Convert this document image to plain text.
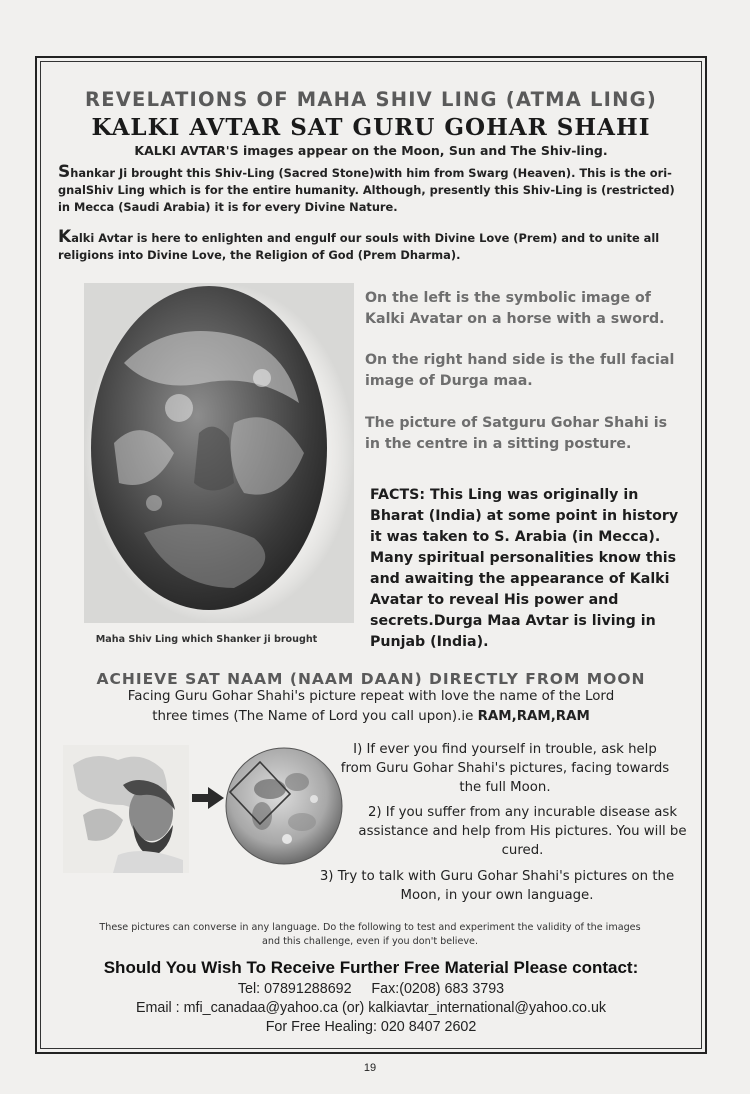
REVELATIONS OF MAHA SHIV LING (ATMA LING)
KALKI AVTAR SAT GURU GOHAR SHAHI
KALKI AVTAR'S images appear on the Moon, Sun and The Shiv-ling.
Shankar Ji brought this Shiv-Ling (Sacred Stone)with him from Swarg (Heaven). This is the ori-gnalShiv Ling which is for the entire humanity. Although, presently this Shiv-Ling is (restricted) in Mecca (Saudi Arabia) it is for every Divine Nature.
Kalki Avtar is here to enlighten and engulf our souls with Divine Love (Prem) and to unite all religions into Divine Love, the Religion of God (Prem Dharma).
Maha Shiv Ling which Shanker ji brought
On the left is the symbolic image of Kalki Avatar on a horse with a sword.
On the right hand side is the full facial image of Durga maa.
The picture of Satguru Gohar Shahi is in the centre in a sitting posture.
FACTS: This Ling was originally in Bharat (India) at some point in history it was taken to S. Arabia (in Mecca). Many spiritual personalities know this and awaiting the appearance of Kalki Avatar to reveal His power and secrets.Durga Maa Avtar is living in Punjab (India).
ACHIEVE SAT NAAM (NAAM DAAN) DIRECTLY FROM MOON
Facing Guru Gohar Shahi's picture repeat with love the name of the Lord
three times (The Name of Lord you call upon).ie RAM,RAM,RAM
I) If ever you find yourself in trouble, ask help from Guru Gohar Shahi's pictures, facing towards the full Moon.
2) If you suffer from any incurable disease ask assistance and help from His pictures. You will be cured.
3) Try to talk with Guru Gohar Shahi's pictures on the Moon, in your own language.
These pictures can converse in any language. Do the following to test and experiment the validity of the images and this challenge, even if you don't believe.
Should You Wish To Receive Further Free Material Please contact:
Tel: 07891288692     Fax:(0208) 683 3793
Email : mfi_canadaa@yahoo.ca (or) kalkiavtar_international@yahoo.co.uk
For Free Healing: 020 8407 2602
19
